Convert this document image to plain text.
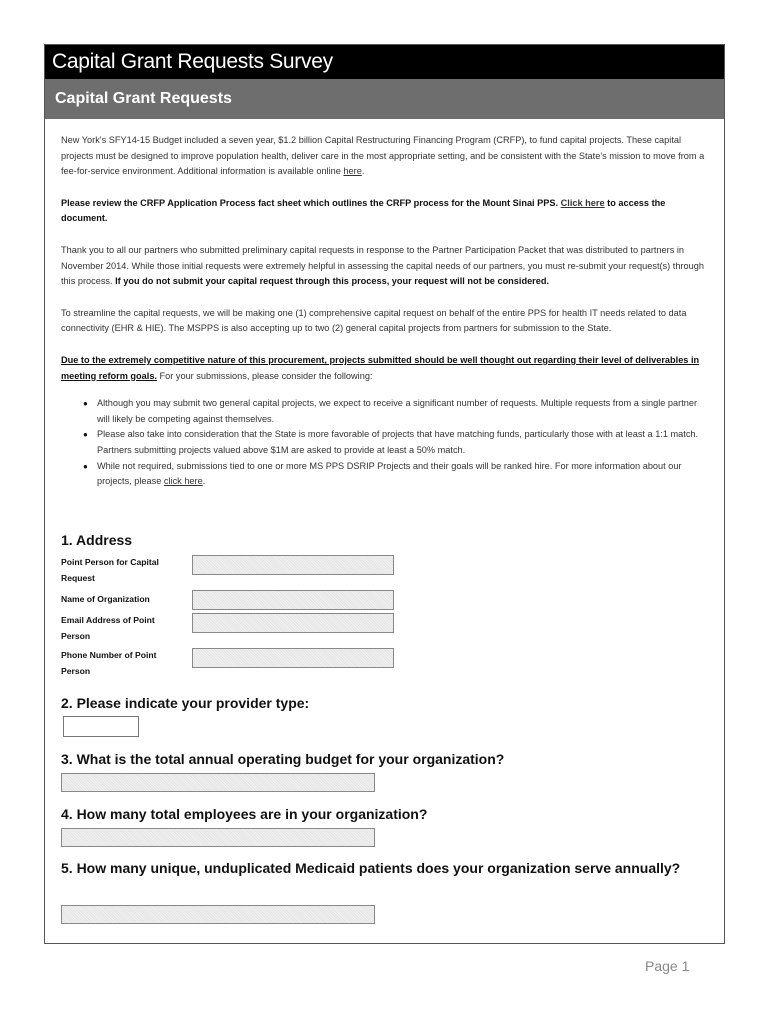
Capital Grant Requests Survey
Capital Grant Requests

New York's SFY14-15 Budget included a seven year, $1.2 billion Capital Restructuring Financing Program (CRFP), to fund capital projects. These capital projects must be designed to improve population health, deliver care in the most appropriate setting, and be consistent with the State's mission to move from a fee-for-service environment. Additional information is available online here.

Please review the CRFP Application Process fact sheet which outlines the CRFP process for the Mount Sinai PPS. Click here to access the document.

Thank you to all our partners who submitted preliminary capital requests in response to the Partner Participation Packet that was distributed to partners in November 2014. While those initial requests were extremely helpful in assessing the capital needs of our partners, you must re-submit your request(s) through this process. If you do not submit your capital request through this process, your request will not be considered.

To streamline the capital requests, we will be making one (1) comprehensive capital request on behalf of the entire PPS for health IT needs related to data connectivity (EHR & HIE). The MSPPS is also accepting up to two (2) general capital projects from partners for submission to the State.

Due to the extremely competitive nature of this procurement, projects submitted should be well thought out regarding their level of deliverables in meeting reform goals. For your submissions, please consider the following:

● Although you may submit two general capital projects, we expect to receive a significant number of requests. Multiple requests from a single partner will likely be competing against themselves.
● Please also take into consideration that the State is more favorable of projects that have matching funds, particularly those with at least a 1:1 match. Partners submitting projects valued above $1M are asked to provide at least a 50% match.
● While not required, submissions tied to one or more MS PPS DSRIP Projects and their goals will be ranked hire. For more information about our projects, please click here.
1. Address
Point Person for Capital Request
Name of Organization
Email Address of Point Person
Phone Number of Point Person
2. Please indicate your provider type:
3. What is the total annual operating budget for your organization?
4. How many total employees are in your organization?
5. How many unique, unduplicated Medicaid patients does your organization serve annually?
Page 1
